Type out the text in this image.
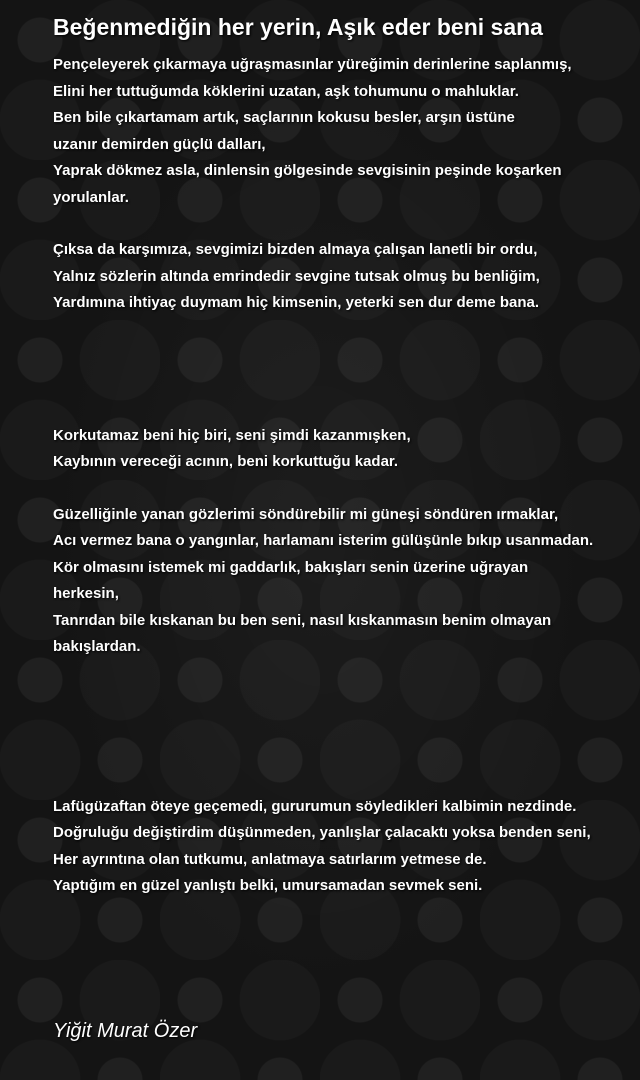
Beğenmediğin her yerin, Aşık eder beni sana
Pençeleyerek çıkarmaya uğraşmasınlar yüreğimin derinlerine saplanmış,
Elini her tuttuğumda köklerini uzatan, aşk tohumunu o mahluklar.
Ben bile çıkartamam artık, saçlarının kokusu besler, arşın üstüne
uzanır demirden güçlü dalları,
Yaprak dökmez asla, dinlensin gölgesinde sevgisinin peşinde koşarken
yorulanlar.
Çıksa da karşımıza, sevgimizi bizden almaya çalışan lanetli bir ordu,
Yalnız sözlerin altında emrindedir sevgine tutsak olmuş bu benliğim,
Yardımına ihtiyaç duymam hiç kimsenin, yeterki sen dur deme bana.
Korkutamaz beni hiç biri, seni şimdi kazanmışken,
Kaybının vereceği acının, beni korkuttuğu kadar.
Güzelliğinle yanan gözlerimi söndürebilir mi güneşi söndüren ırmaklar,
Acı vermez bana o yangınlar, harlamanı isterim gülüşünle bıkıp usanmadan.
Kör olmasını istemek mi gaddarlık, bakışları senin üzerine uğrayan
herkesin,
Tanrıdan bile kıskanan bu ben seni, nasıl kıskanmasın benim olmayan
bakışlardan.
Lafügüzaftan öteye geçemedi, gururumun söyledikleri kalbimin nezdinde.
Doğruluğu değiştirdim düşünmeden, yanlışlar çalacaktı yoksa benden seni,
Her ayrıntına olan tutkumu, anlatmaya satırlarım yetmese de.
Yaptığım en güzel yanlıştı belki, umursamadan sevmek seni.
Yiğit Murat Özer
